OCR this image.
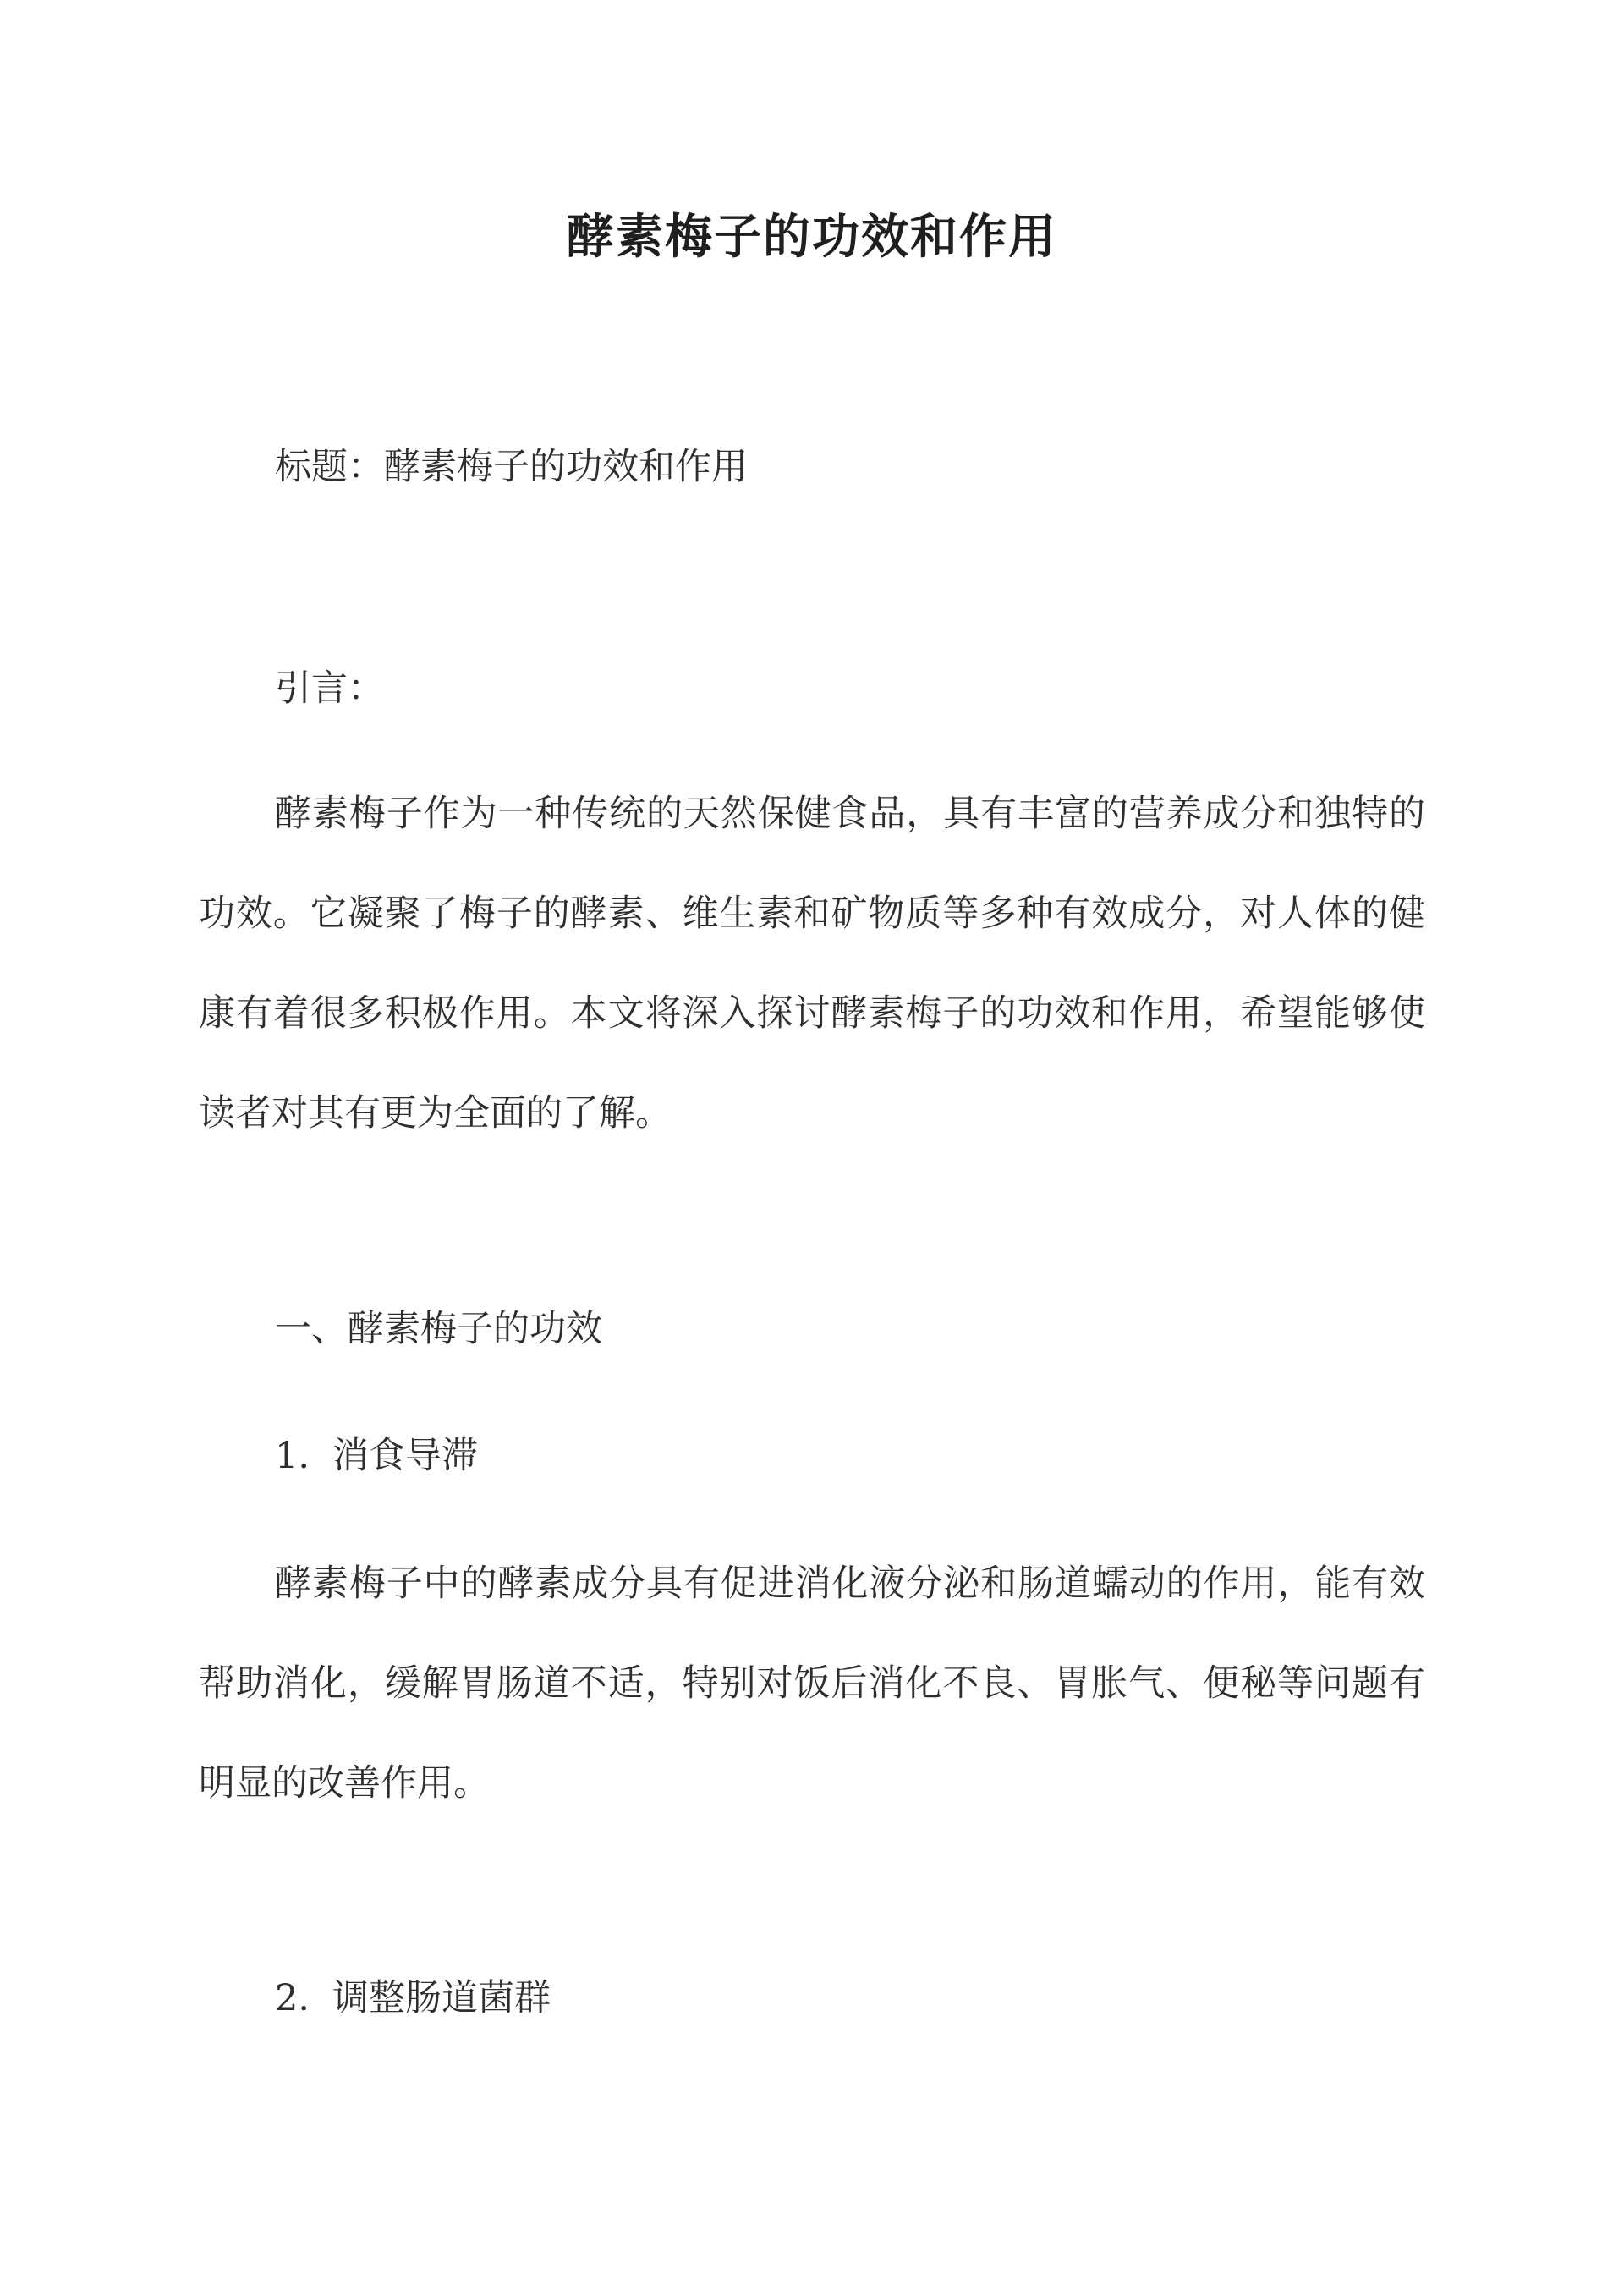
酵素梅子的功效和作用

标题：酵素梅子的功效和作用

引言：

酵素梅子作为一种传统的天然保健食品，具有丰富的营养成分和独特的功效。它凝聚了梅子的酵素、维生素和矿物质等多种有效成分，对人体的健康有着很多积极作用。本文将深入探讨酵素梅子的功效和作用，希望能够使读者对其有更为全面的了解。

一、酵素梅子的功效

1. 消食导滞

酵素梅子中的酵素成分具有促进消化液分泌和肠道蠕动的作用，能有效帮助消化，缓解胃肠道不适，特别对饭后消化不良、胃胀气、便秘等问题有明显的改善作用。

2. 调整肠道菌群
